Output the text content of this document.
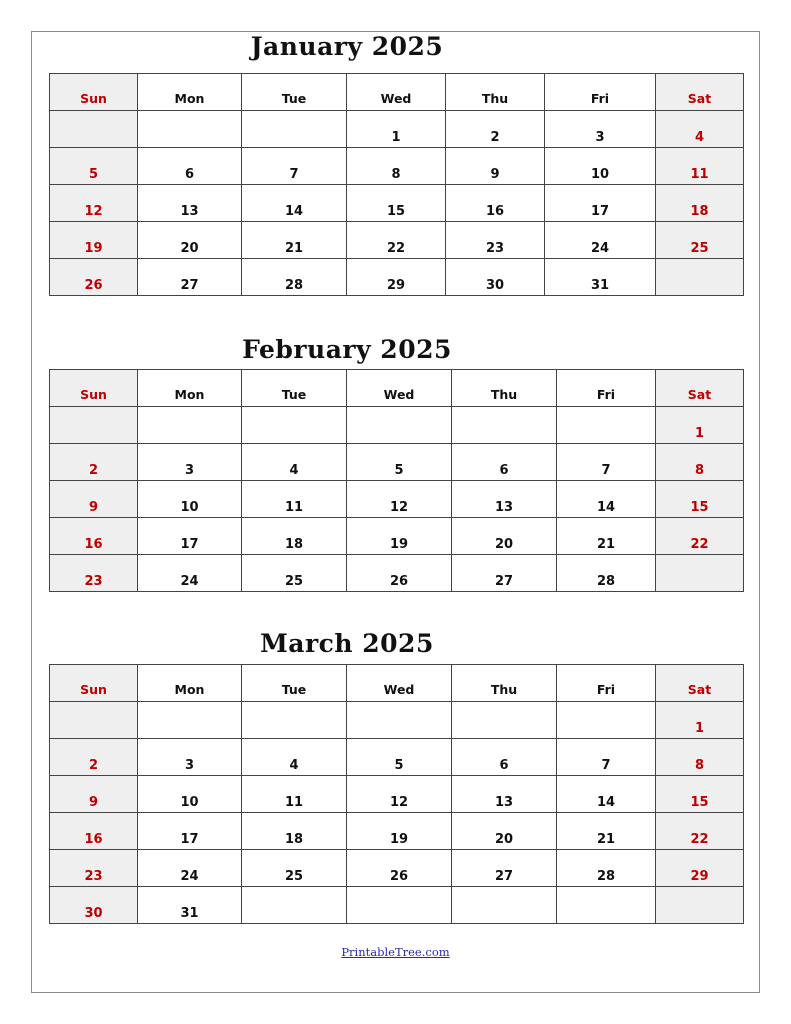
January 2025
Sun	Mon	Tue	Wed	Thu	Fri	Sat
			1	2	3	4
5	6	7	8	9	10	11
12	13	14	15	16	17	18
19	20	21	22	23	24	25
26	27	28	29	30	31	
February 2025
Sun	Mon	Tue	Wed	Thu	Fri	Sat
						1
2	3	4	5	6	7	8
9	10	11	12	13	14	15
16	17	18	19	20	21	22
23	24	25	26	27	28	
March 2025
Sun	Mon	Tue	Wed	Thu	Fri	Sat
						1
2	3	4	5	6	7	8
9	10	11	12	13	14	15
16	17	18	19	20	21	22
23	24	25	26	27	28	29
30	31					
PrintableTree.com
